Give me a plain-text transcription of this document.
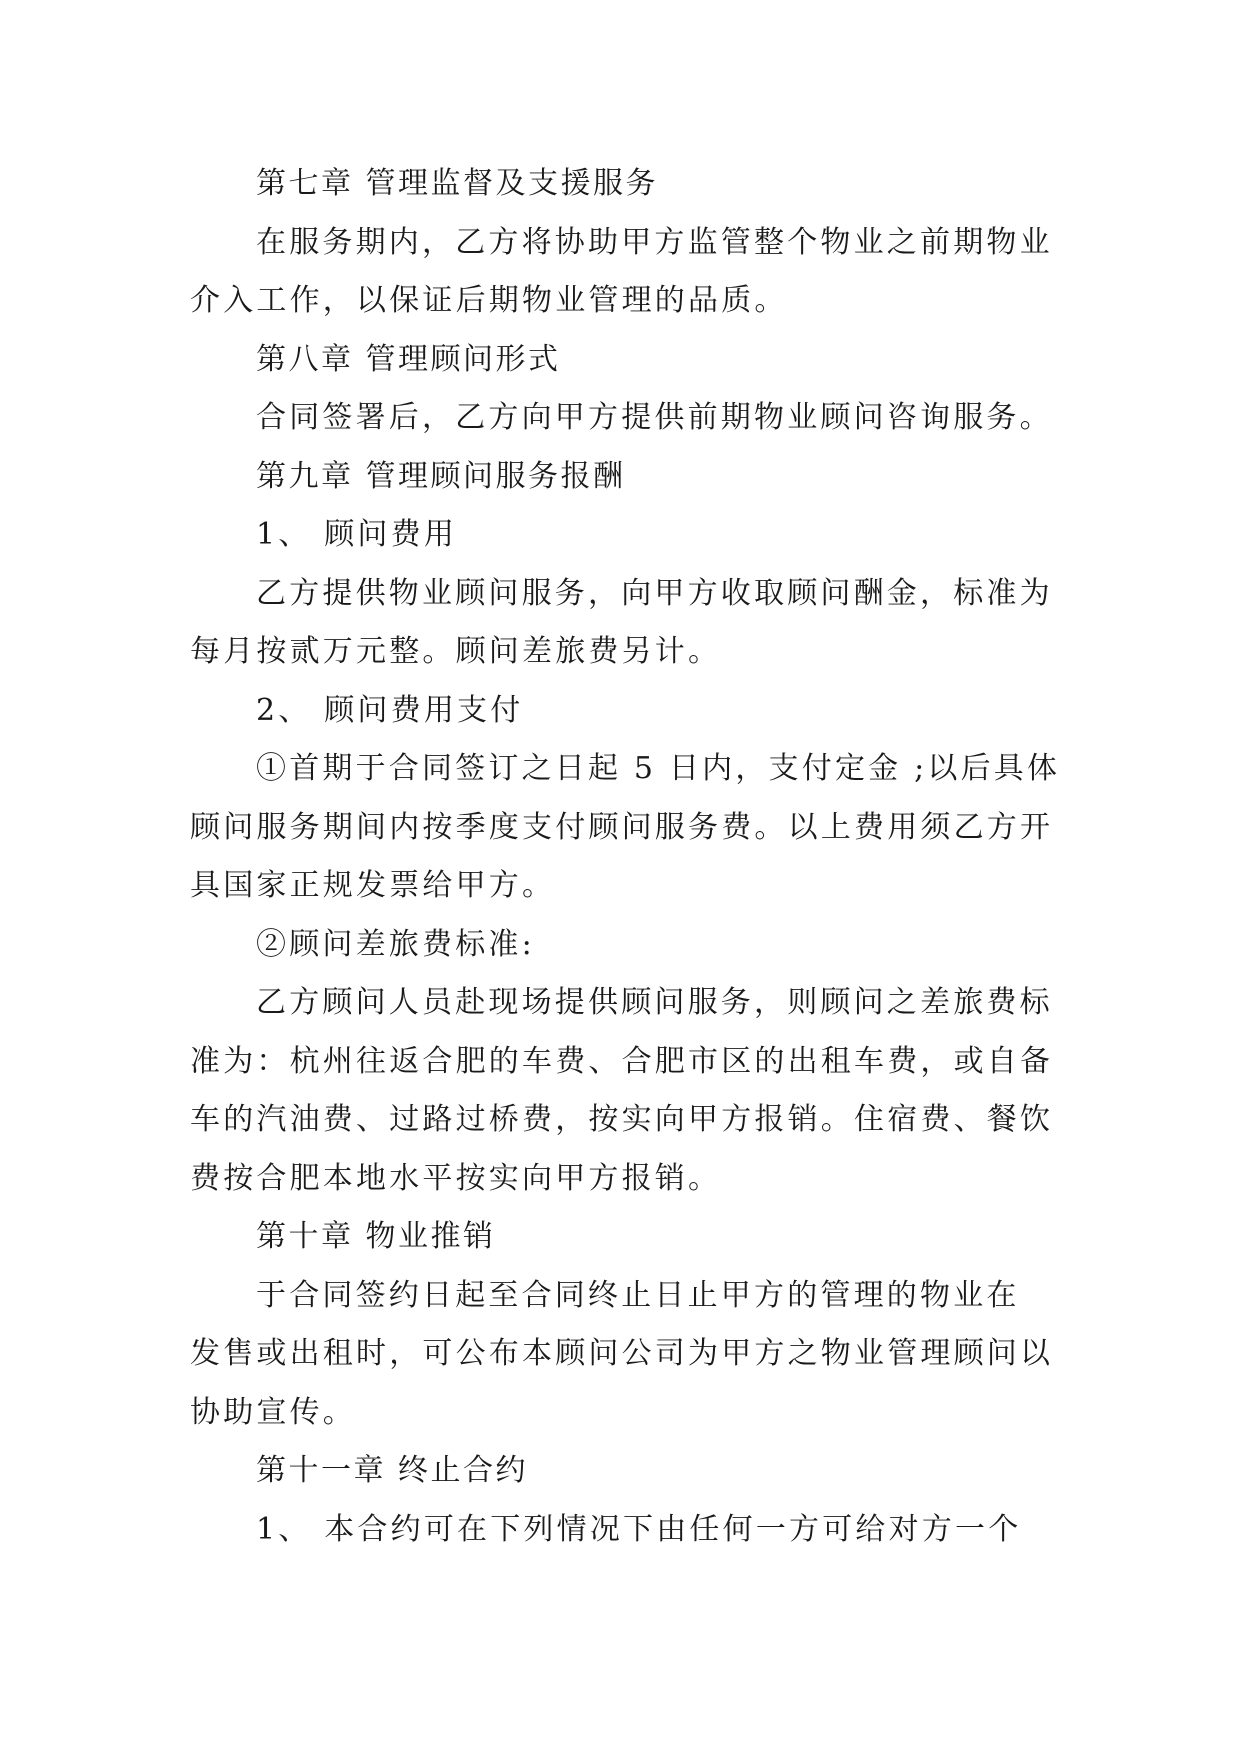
第七章 管理监督及支援服务
在服务期内，乙方将协助甲方监管整个物业之前期物业
介入工作，以保证后期物业管理的品质。
第八章 管理顾问形式
合同签署后，乙方向甲方提供前期物业顾问咨询服务。
第九章 管理顾问服务报酬
1、 顾问费用
乙方提供物业顾问服务，向甲方收取顾问酬金，标准为
每月按贰万元整。顾问差旅费另计。
2、 顾问费用支付
①首期于合同签订之日起 5 日内，支付定金 ;以后具体
顾问服务期间内按季度支付顾问服务费。以上费用须乙方开
具国家正规发票给甲方。
②顾问差旅费标准:
乙方顾问人员赴现场提供顾问服务，则顾问之差旅费标
准为：杭州往返合肥的车费、合肥市区的出租车费，或自备
车的汽油费、过路过桥费，按实向甲方报销。住宿费、餐饮
费按合肥本地水平按实向甲方报销。
第十章 物业推销
于合同签约日起至合同终止日止甲方的管理的物业在
发售或出租时，可公布本顾问公司为甲方之物业管理顾问以
协助宣传。
第十一章 终止合约
1、 本合约可在下列情况下由任何一方可给对方一个
